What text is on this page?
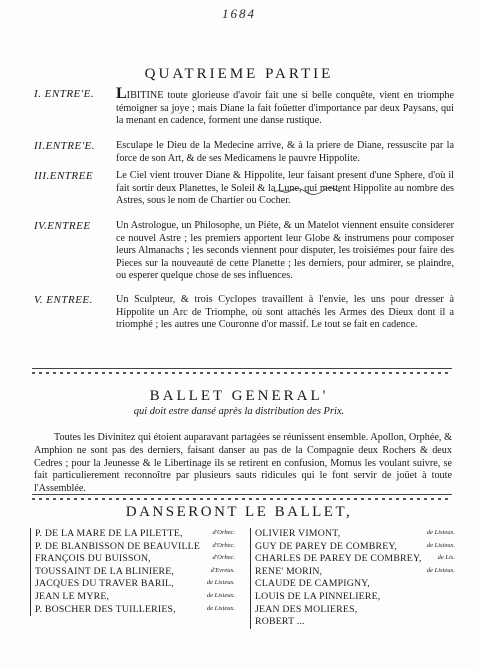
1684
QUATRIEME PARTIE
I. ENTRE'E.	LIBITINE toute glorieuse d'avoir fait une si belle conquête, vient en triomphe témoigner sa joye ; mais Diane la fait foüetter d'importance par deux Paysans, qui la menant en cadence, forment une danse rustique.
II.ENTRE'E.	Esculape le Dieu de la Medecine arrive, & à la priere de Diane, ressuscite par la force de son Art, & de ses Medicamens le pauvre Hippolite.
III.ENTREE	Le Ciel vient trouver Diane & Hippolite, leur faisant present d'une Sphere, d'où il fait sortir deux Planettes, le Soleil & la Lune, qui mettent Hippolite au nombre des Astres, sous le nom de Chartier ou Cocher.
IV.ENTREE	Un Astrologue, un Philosophe, un Piéte, & un Matelot viennent ensuite considerer ce nouvel Astre ; les premiers apportent leur Globe & instrumens pour composer leurs Almanachs ; les seconds viennent pour disputer, les troisiémes pour faire des Pieces sur la nouveauté de cette Planette ; les derniers, pour admirer, se plaindre, ou esperer quelque chose de ses influences.
V. ENTREE.	Un Sculpteur, & trois Cyclopes travaillent à l'envie, les uns pour dresser à Hippolite un Arc de Triomphe, où sont attachés les Armes des Dieux dont il a triomphé ; les autres une Couronne d'or massif. Le tout se fait en cadence.
BALLET GENERAL'
qui doit estre dansé après la distribution des Prix.
Toutes les Divinitez qui étoient auparavant partagées se réunissent ensemble. Apollon, Orphée, & Amphion ne sont pas des derniers, faisant danser au pas de la Compagnie deux Rochers & deux Cedres ; pour la Jeunesse & le Libertinage ils se retirent en confusion, Momus les voulant suivre, se fait particulierement reconnoître par plusieurs sauts ridicules qui le font servir de joüet à toute l'Assemblée.
DANSERONT LE BALLET,
P. DE LA MARE DE LA PILETTE,	d'Orbec.
P. DE BLANBISSON DE BEAUVILLE d'Orbec.
FRANÇOIS DU BUISSON,	d'Orbec.
TOUSSAINT DE LA BLINIERE,	d'Evreux.
JACQUES DU TRAVER BARIL,	de Lisieux.
JEAN LE MYRE,	de Lisieux.
P. BOSCHER DES TUILLERIES,	de Lisieux.
OLIVIER VIMONT,	de Lisieux.
GUY DE PAREY DE COMBREY,	de Lisieux.
CHARLES DE PAREY DE COMBREY, de Lis.
RENE' MORIN,	de Lisieux.
CLAUDE DE CAMPIGNY,
LOUIS DE LA PINNELIERE,
JEAN DES MOLIERES,
ROBERT ...
